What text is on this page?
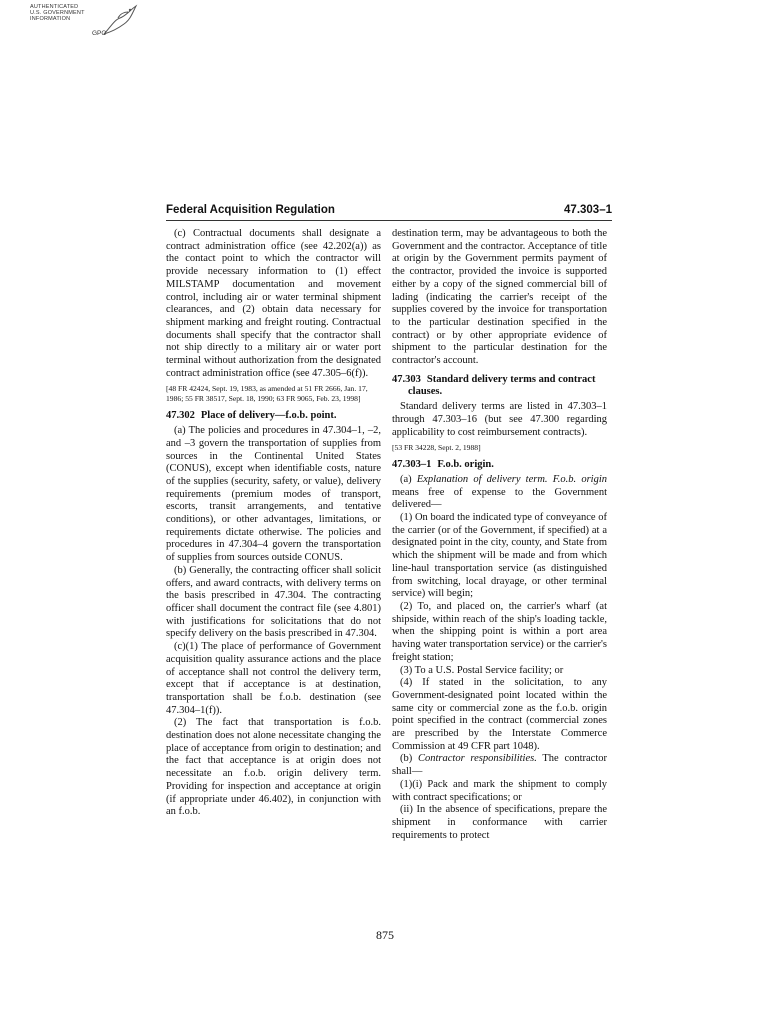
AUTHENTICATED
U.S. GOVERNMENT
INFORMATION
GPO
Federal Acquisition Regulation	47.303–1

(c) Contractual documents shall designate a contract administration office (see 42.202(a)) as the contact point to which the contractor will provide necessary information to (1) effect MILSTAMP documentation and movement control, including air or water terminal shipment clearances, and (2) obtain data necessary for shipment marking and freight routing. Contractual documents shall specify that the contractor shall not ship directly to a military air or water port terminal without authorization from the designated contract administration office (see 47.305–6(f)).

[48 FR 42424, Sept. 19, 1983, as amended at 51 FR 2666, Jan. 17, 1986; 55 FR 38517, Sept. 18, 1990; 63 FR 9065, Feb. 23, 1998]

47.302 Place of delivery—f.o.b. point.

(a) The policies and procedures in 47.304–1, –2, and –3 govern the transportation of supplies from sources in the Continental United States (CONUS), except when identifiable costs, nature of the supplies (security, safety, or value), delivery requirements (premium modes of transport, escorts, transit arrangements, and tentative conditions), or other advantages, limitations, or requirements dictate otherwise. The policies and procedures in 47.304–4 govern the transportation of supplies from sources outside CONUS.

(b) Generally, the contracting officer shall solicit offers, and award contracts, with delivery terms on the basis prescribed in 47.304. The contracting officer shall document the contract file (see 4.801) with justifications for solicitations that do not specify delivery on the basis prescribed in 47.304.

(c)(1) The place of performance of Government acquisition quality assurance actions and the place of acceptance shall not control the delivery term, except that if acceptance is at destination, transportation shall be f.o.b. destination (see 47.304–1(f)).

(2) The fact that transportation is f.o.b. destination does not alone necessitate changing the place of acceptance from origin to destination; and the fact that acceptance is at origin does not necessitate an f.o.b. origin delivery term. Providing for inspection and acceptance at origin (if appropriate under 46.402), in conjunction with an f.o.b.

destination term, may be advantageous to both the Government and the contractor. Acceptance of title at origin by the Government permits payment of the contractor, provided the invoice is supported either by a copy of the signed commercial bill of lading (indicating the carrier's receipt of the supplies covered by the invoice for transportation to the particular destination specified in the contract) or by other appropriate evidence of shipment to the particular destination for the contractor's account.

47.303 Standard delivery terms and contract clauses.

Standard delivery terms are listed in 47.303–1 through 47.303–16 (but see 47.300 regarding applicability to cost reimbursement contracts).

[53 FR 34228, Sept. 2, 1988]

47.303–1 F.o.b. origin.

(a) Explanation of delivery term. F.o.b. origin means free of expense to the Government delivered—

(1) On board the indicated type of conveyance of the carrier (or of the Government, if specified) at a designated point in the city, county, and State from which the shipment will be made and from which line-haul transportation service (as distinguished from switching, local drayage, or other terminal service) will begin;

(2) To, and placed on, the carrier's wharf (at shipside, within reach of the ship's loading tackle, when the shipping point is within a port area having water transportation service) or the carrier's freight station;

(3) To a U.S. Postal Service facility; or

(4) If stated in the solicitation, to any Government-designated point located within the same city or commercial zone as the f.o.b. origin point specified in the contract (commercial zones are prescribed by the Interstate Commerce Commission at 49 CFR part 1048).

(b) Contractor responsibilities. The contractor shall—

(1)(i) Pack and mark the shipment to comply with contract specifications; or

(ii) In the absence of specifications, prepare the shipment in conformance with carrier requirements to protect

875
